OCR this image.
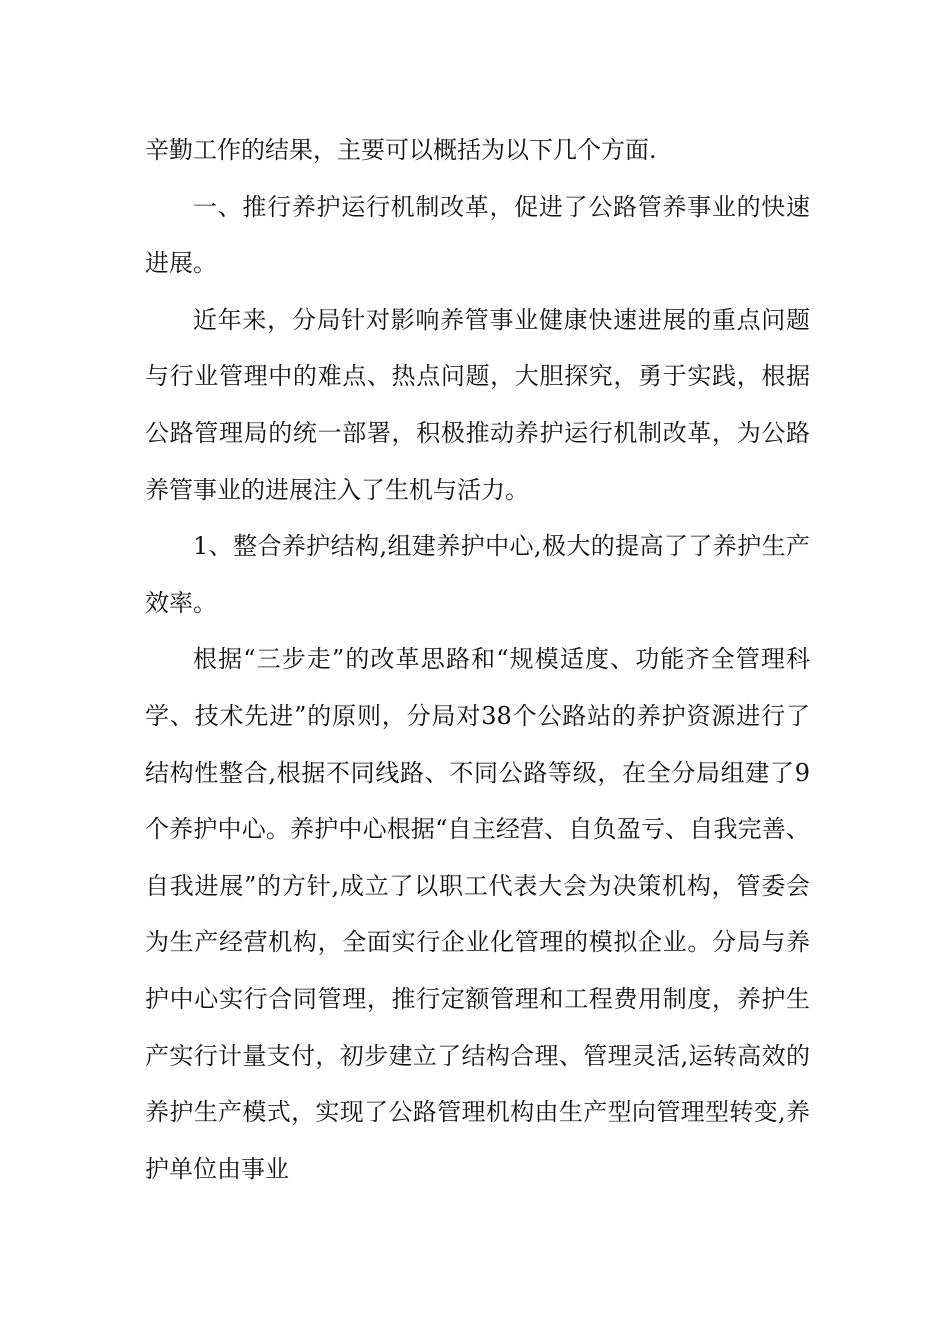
辛勤工作的结果，主要可以概括为以下几个方面.

一、推行养护运行机制改革，促进了公路管养事业的快速进展。

近年来，分局针对影响养管事业健康快速进展的重点问题与行业管理中的难点、热点问题，大胆探究，勇于实践，根据公路管理局的统一部署，积极推动养护运行机制改革，为公路养管事业的进展注入了生机与活力。

1、整合养护结构,组建养护中心,极大的提高了了养护生产效率。

根据“三步走”的改革思路和“规模适度、功能齐全管理科学、技术先进”的原则，分局对38个公路站的养护资源进行了结构性整合,根据不同线路、不同公路等级，在全分局组建了9个养护中心。养护中心根据“自主经营、自负盈亏、自我完善、自我进展”的方针,成立了以职工代表大会为决策机构，管委会为生产经营机构，全面实行企业化管理的模拟企业。分局与养护中心实行合同管理，推行定额管理和工程费用制度，养护生产实行计量支付，初步建立了结构合理、管理灵活,运转高效的养护生产模式，实现了公路管理机构由生产型向管理型转变,养护单位由事业
